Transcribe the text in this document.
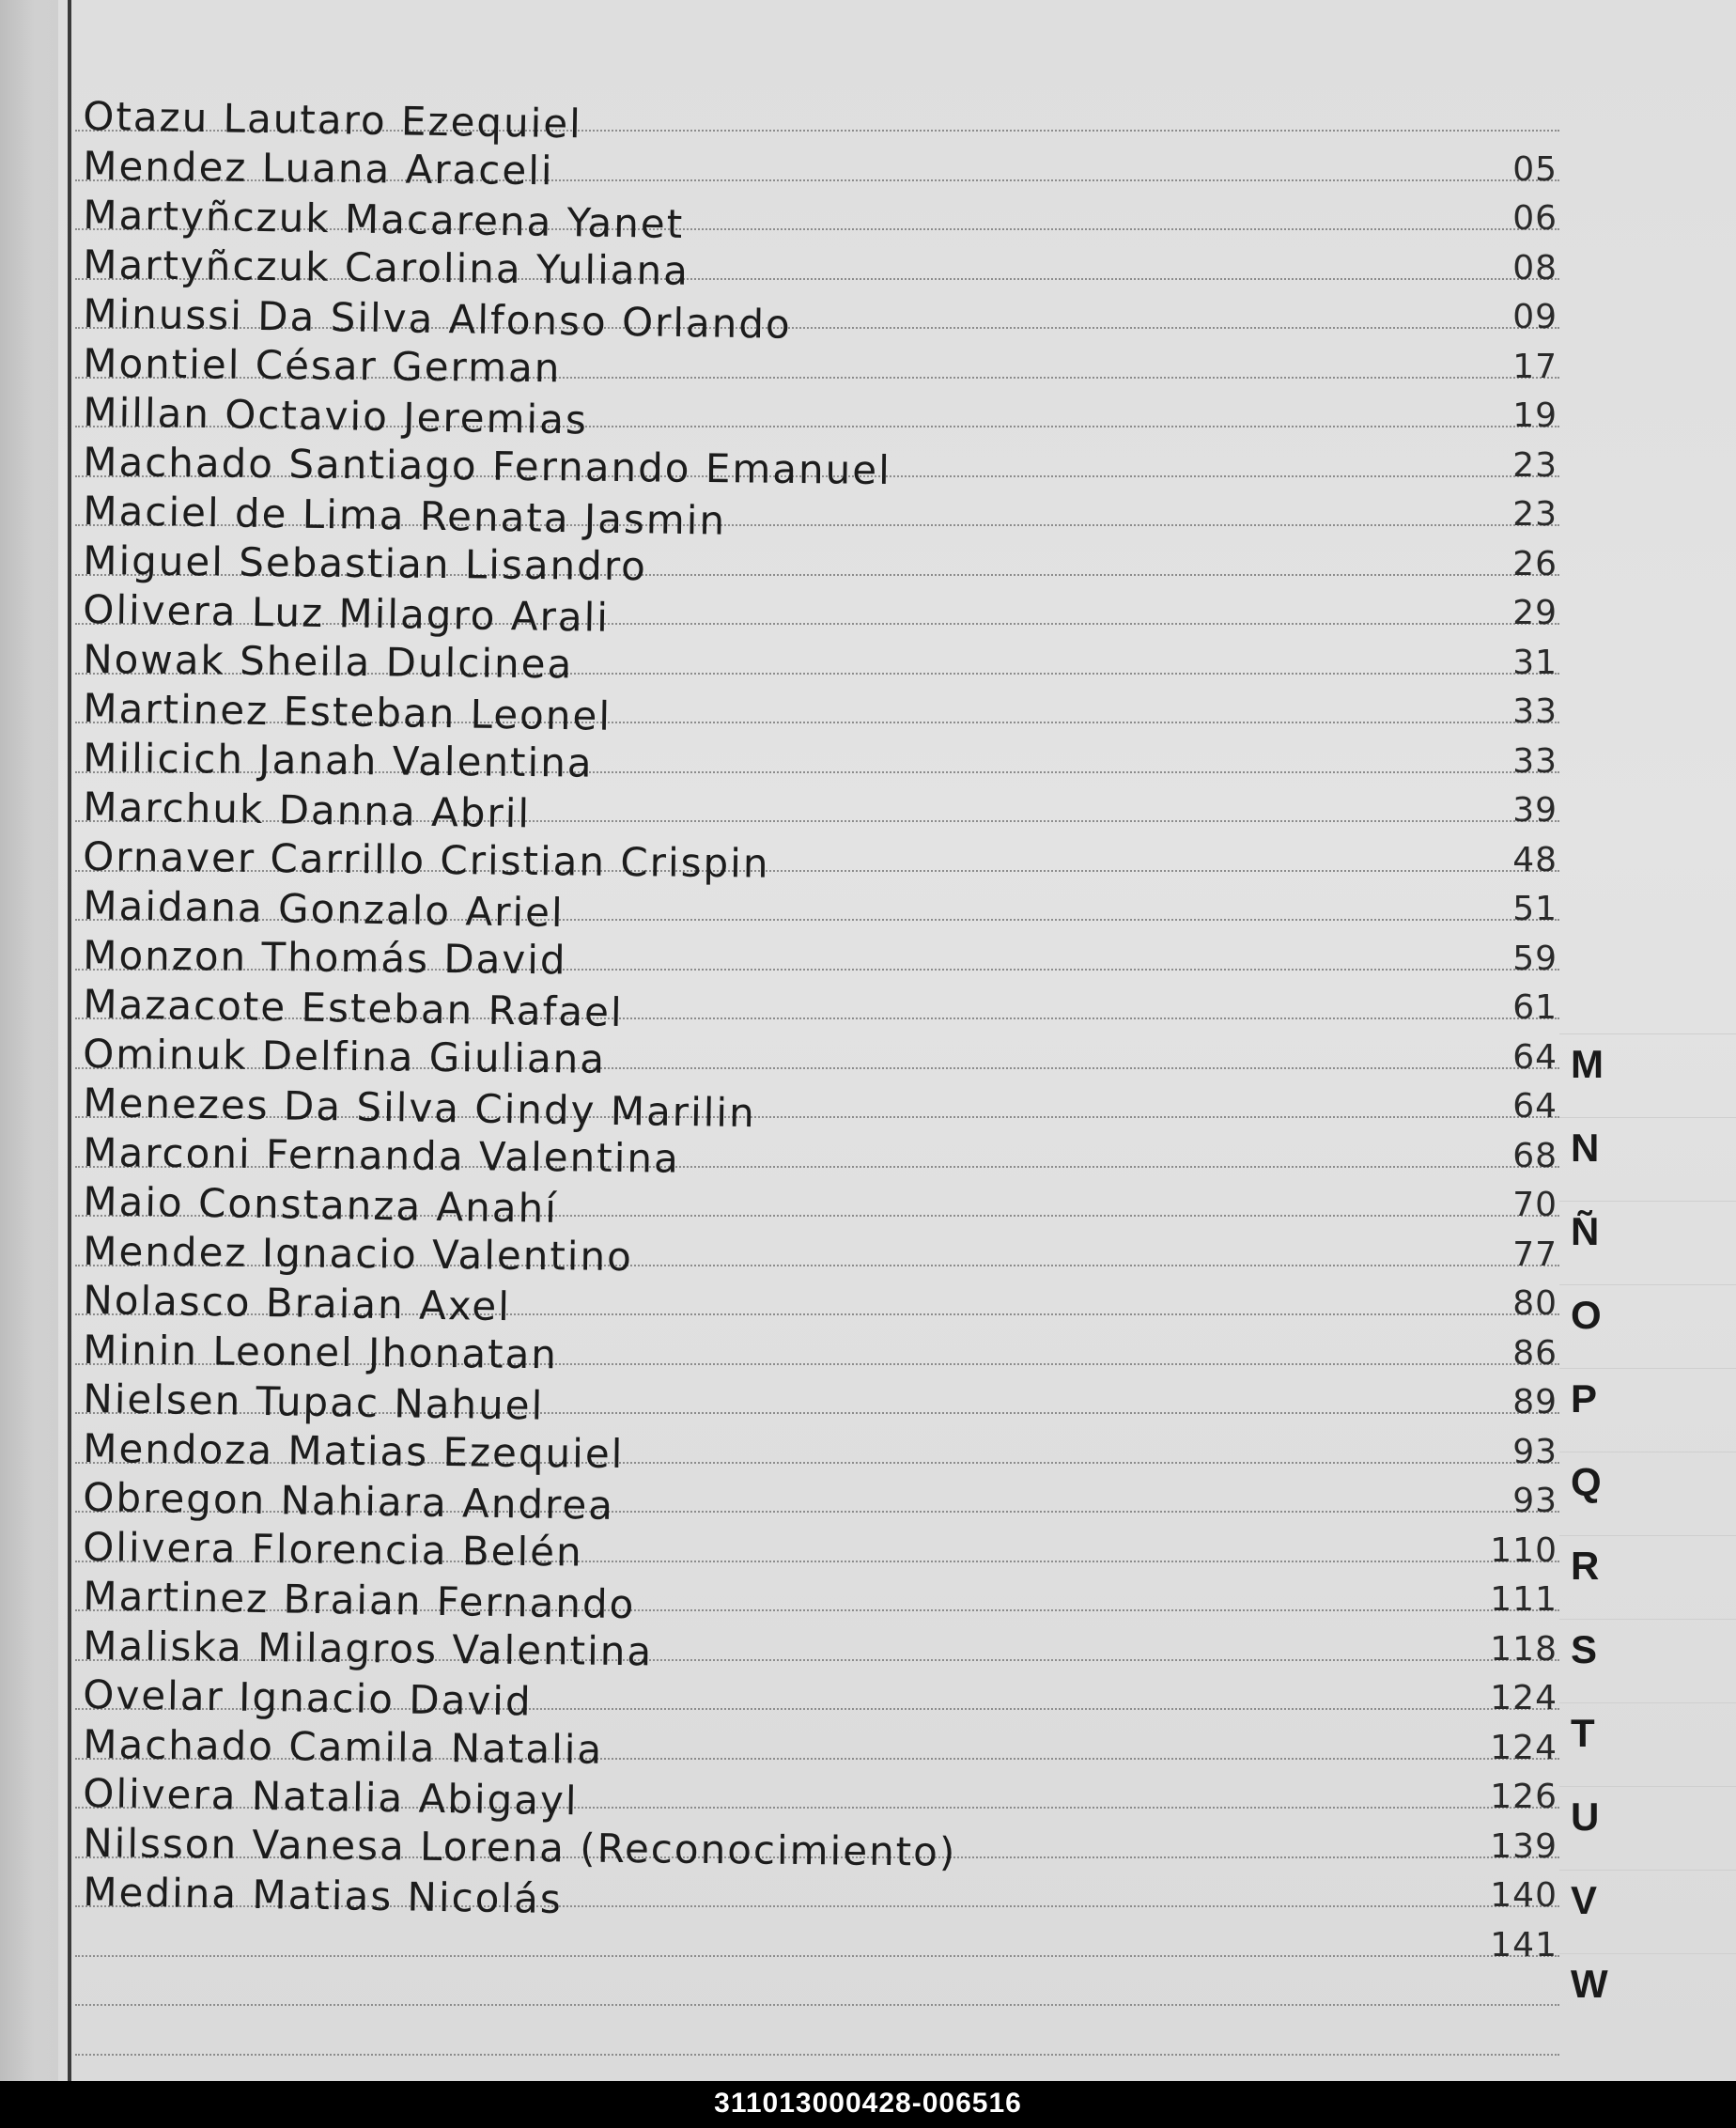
Otazu Lautaro Ezequiel
Mendez Luana Araceli	05
Martyñczuk Macarena Yanet	06
Martyñczuk Carolina Yuliana	08
Minussi Da Silva Alfonso Orlando	09
Montiel César German	17
Millan Octavio Jeremias	19
Machado Santiago Fernando Emanuel	23
Maciel de Lima Renata Jasmin	23
Miguel Sebastian Lisandro	26
Olivera Luz Milagro Arali	29
Nowak Sheila Dulcinea	31
Martinez Esteban Leonel	33
Milicich Janah Valentina	33
Marchuk Danna Abril	39
Ornaver Carrillo Cristian Crispin	48
Maidana Gonzalo Ariel	51
Monzon Thomás David	59
Mazacote Esteban Rafael	61
Ominuk Delfina Giuliana	64
Menezes Da Silva Cindy Marilin	64
Marconi Fernanda Valentina	68
Maio Constanza Anahí	70
Mendez Ignacio Valentino	77
Nolasco Braian Axel	80
Minin Leonel Jhonatan	86
Nielsen Tupac Nahuel	89
Mendoza Matias Ezequiel	93
Obregon Nahiara Andrea	93
Olivera Florencia Belén	110
Martinez Braian Fernando	111
Maliska Milagros Valentina	118
Ovelar Ignacio David	124
Machado Camila Natalia	124
Olivera Natalia Abigayl	126
Nilsson Vanesa Lorena (Reconocimiento)	139
Medina Matias Nicolás	140
141
M
N
Ñ
O
P
Q
R
S
T
U
V
W
311013000428-006516
